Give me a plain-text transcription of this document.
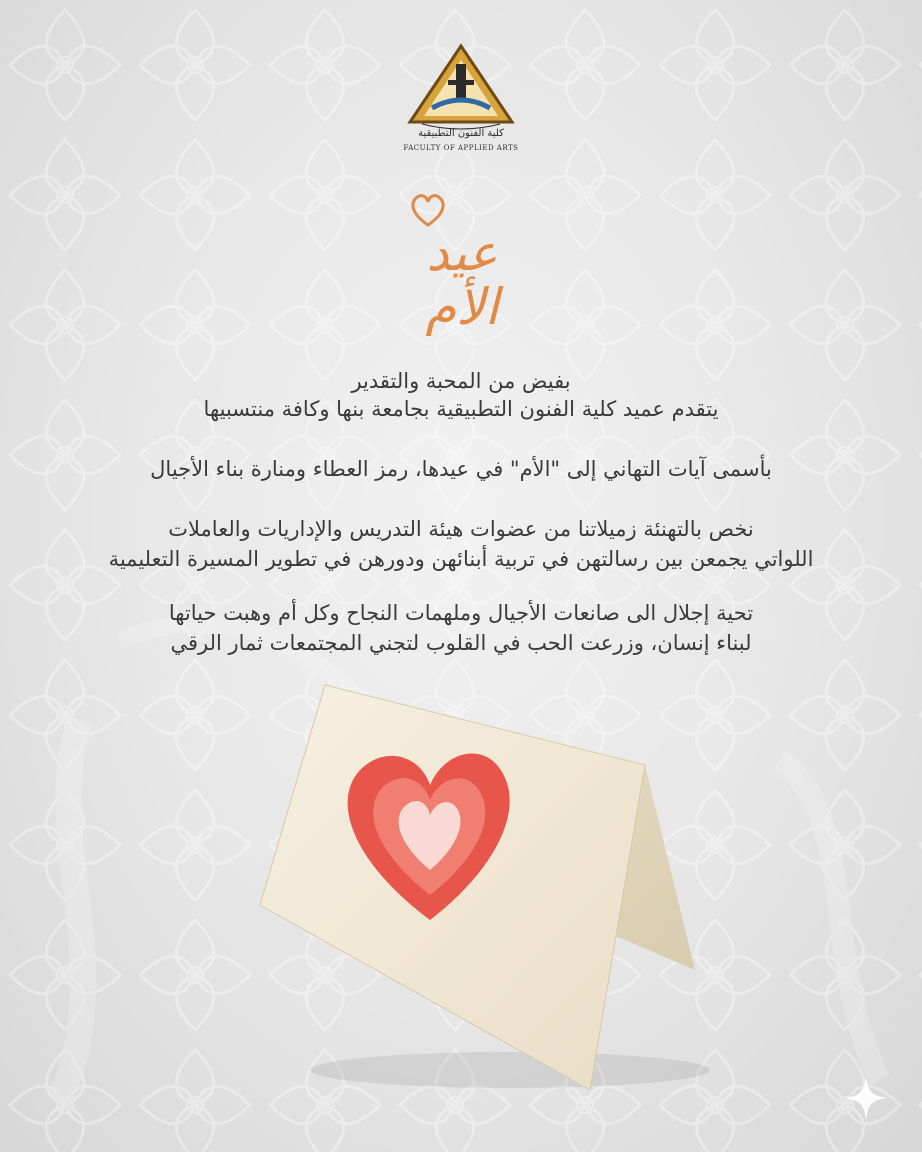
كلية الفنون التطبيقية
FACULTY OF APPLIED ARTS
عيد
الأم
بفيض من المحبة والتقدير
يتقدم عميد كلية الفنون التطبيقية بجامعة بنها وكافة منتسبيها
بأسمى آيات التهاني إلى "الأم" في عيدها، رمز العطاء ومنارة بناء الأجيال
نخص بالتهنئة زميلاتنا من عضوات هيئة التدريس والإداريات والعاملات
اللواتي يجمعن بين رسالتهن في تربية أبنائهن ودورهن في تطوير المسيرة التعليمية
تحية إجلال الى صانعات الأجيال وملهمات النجاح وكل أم وهبت حياتها
لبناء إنسان، وزرعت الحب في القلوب لتجني المجتمعات ثمار الرقي
